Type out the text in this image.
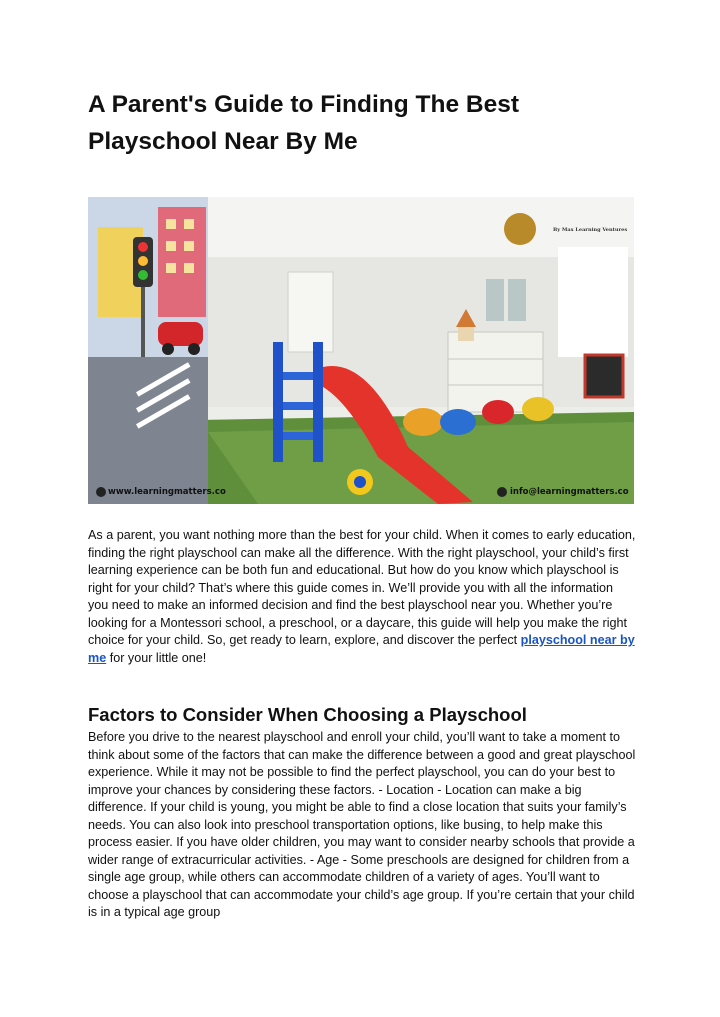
A Parent's Guide to Finding The Best Playschool Near By Me
By Max Learning Ventures
www.learningmatters.co	info@learningmatters.co

As a parent, you want nothing more than the best for your child. When it comes to early education, finding the right playschool can make all the difference. With the right playschool, your child’s first learning experience can be both fun and educational. But how do you know which playschool is right for your child? That’s where this guide comes in. We’ll provide you with all the information you need to make an informed decision and find the best playschool near you. Whether you’re looking for a Montessori school, a preschool, or a daycare, this guide will help you make the right choice for your child. So, get ready to learn, explore, and discover the perfect playschool near by me for your little one!

Factors to Consider When Choosing a Playschool

Before you drive to the nearest playschool and enroll your child, you’ll want to take a moment to think about some of the factors that can make the difference between a good and great playschool experience. While it may not be possible to find the perfect playschool, you can do your best to improve your chances by considering these factors. - Location - Location can make a big difference. If your child is young, you might be able to find a close location that suits your family’s needs. You can also look into preschool transportation options, like busing, to help make this process easier. If you have older children, you may want to consider nearby schools that provide a wider range of extracurricular activities. - Age - Some preschools are designed for children from a single age group, while others can accommodate children of a variety of ages. You’ll want to choose a playschool that can accommodate your child’s age group. If you’re certain that your child is in a typical age group
